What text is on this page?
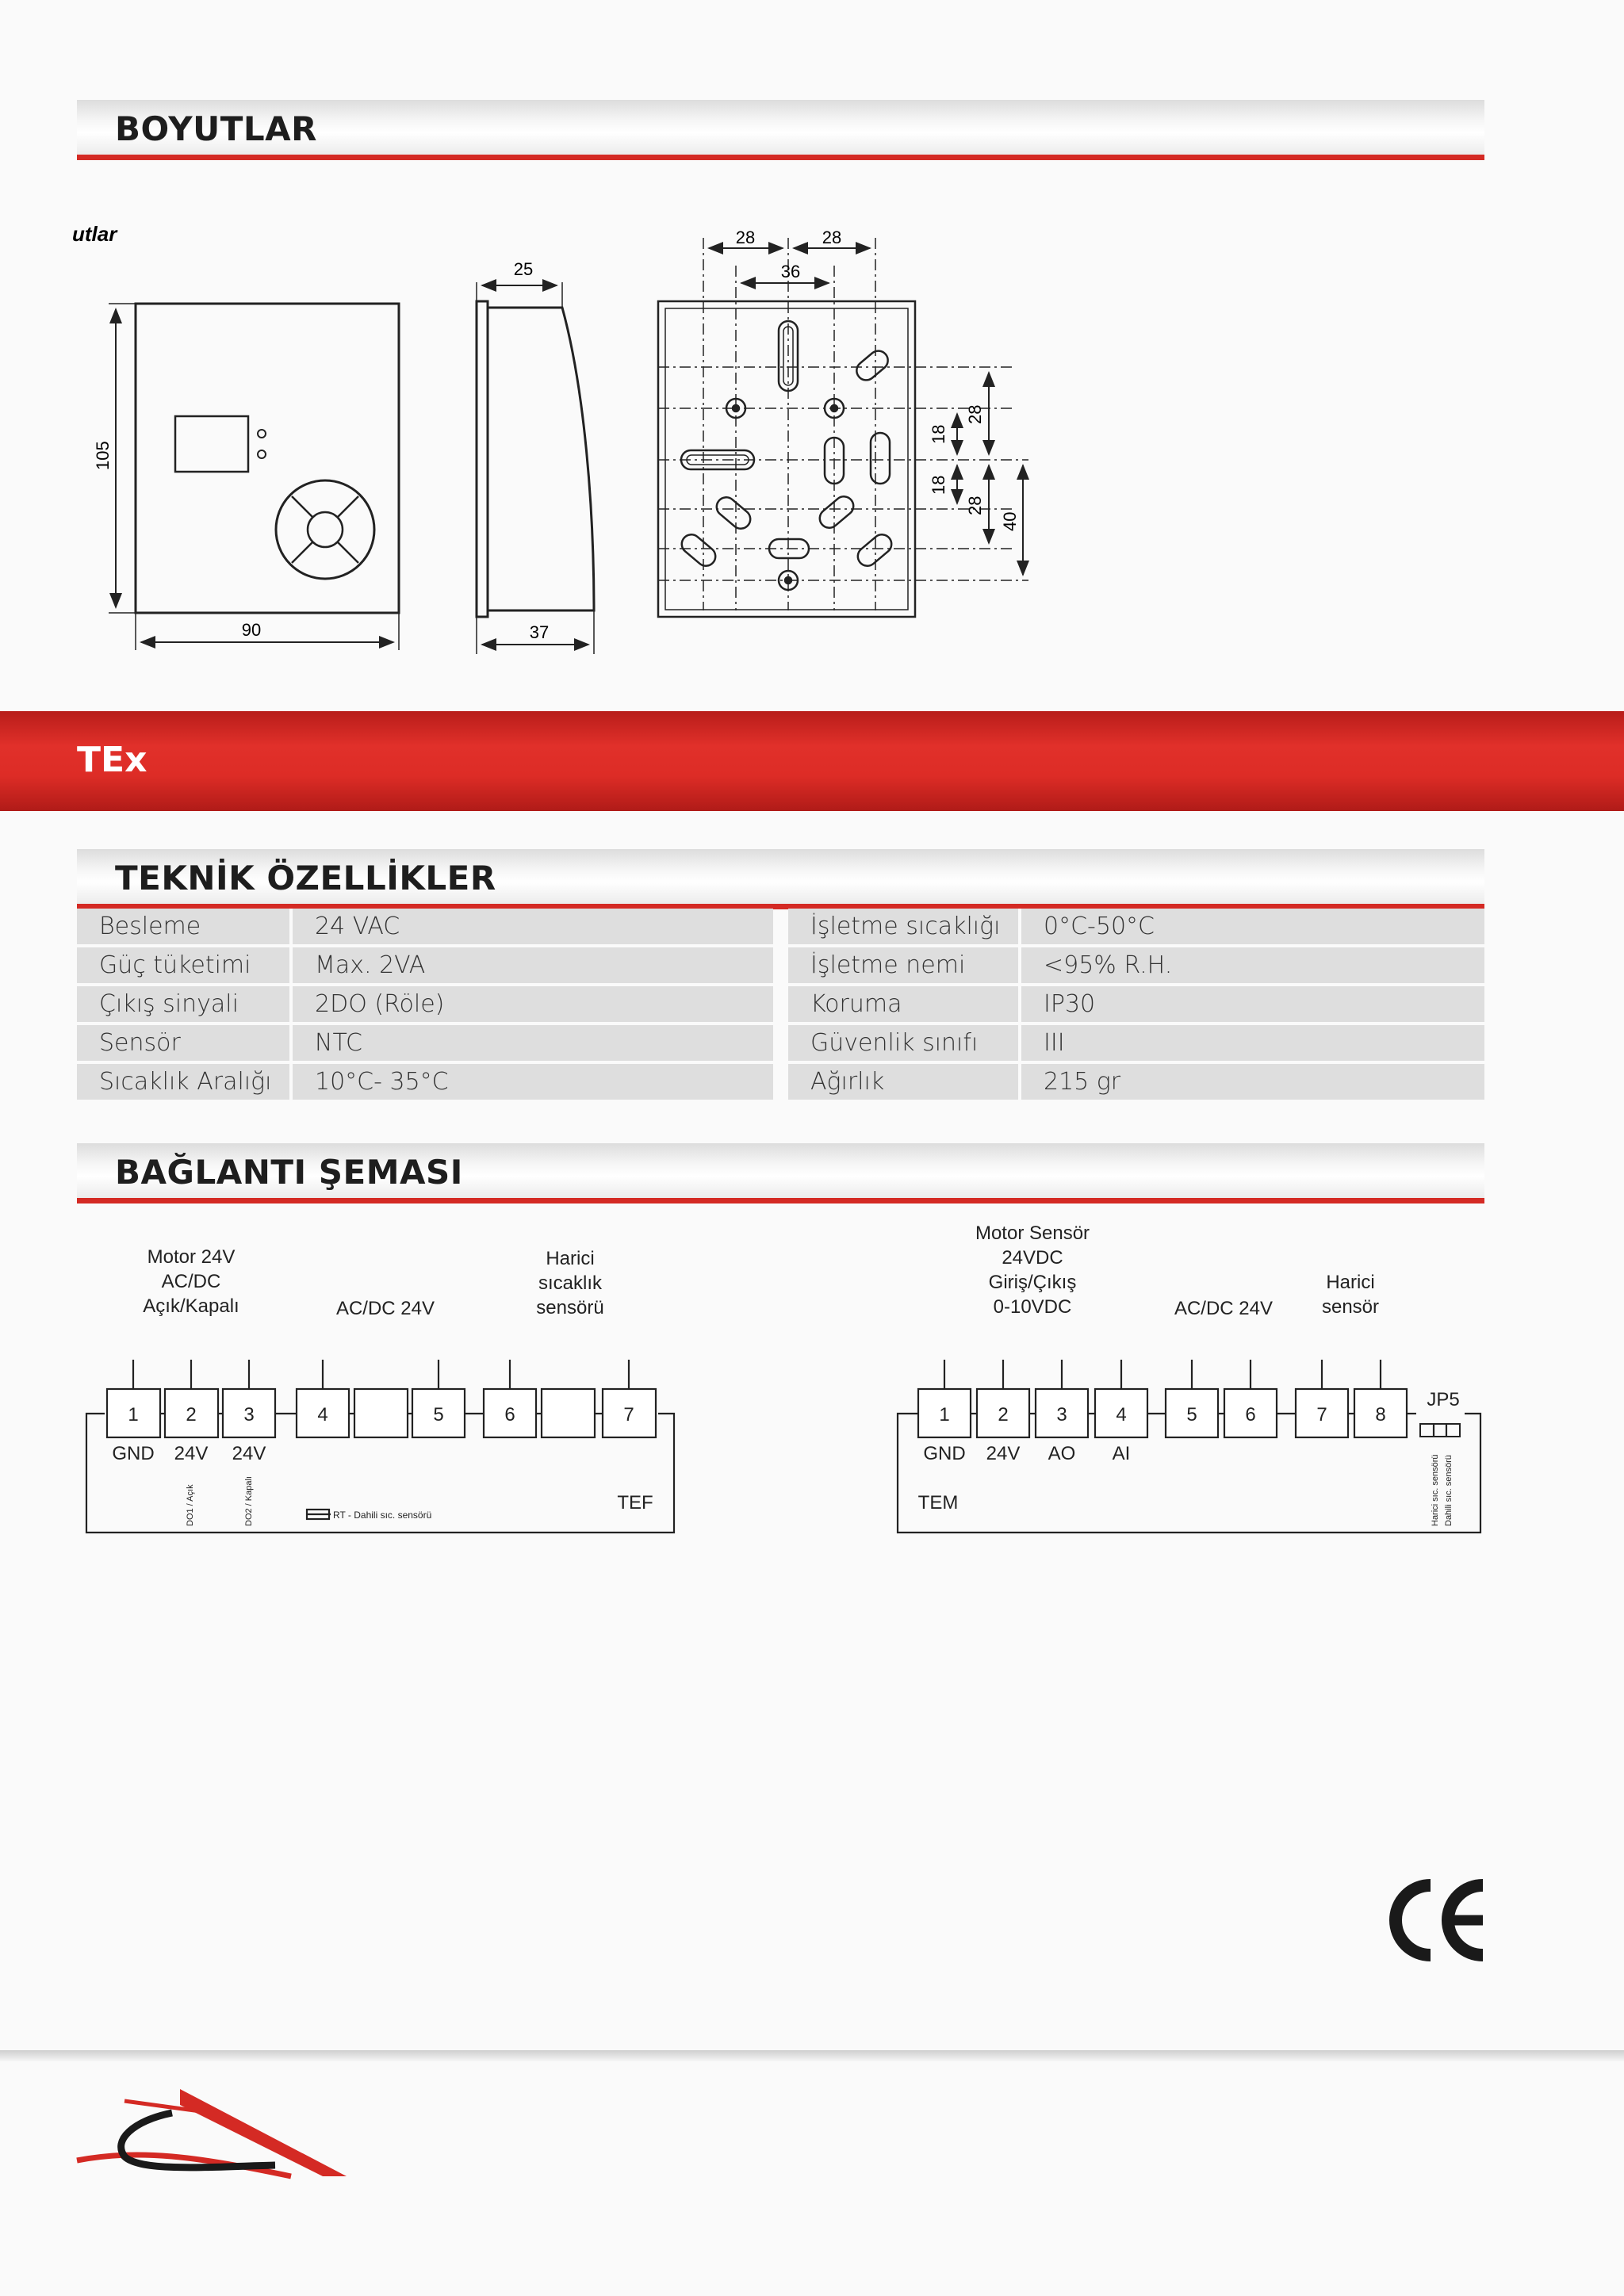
BOYUTLAR
utlar
105
90
25
37
28	28
36
18
18
28
28
40
TEx
TEKNİK ÖZELLİKLER
Besleme	24 VAC
Güç tüketimi	Max. 2VA
Çıkış sinyali	2DO (Röle)
Sensör	NTC
Sıcaklık Aralığı	10°C- 35°C
İşletme sıcaklığı	0°C-50°C
İşletme nemi	<95% R.H.
Koruma	IP30
Güvenlik sınıfı	III
Ağırlık	215 gr
BAĞLANTI ŞEMASI
Motor 24V
AC/DC
Açık/Kapalı	AC/DC 24V
Harici
sıcaklık
sensörü
1 2 3	4	5	6	7
GND 24V 24V
TEF
DO1 / Açık	DO2 / Kapalı	RT - Dahili sıc. sensörü
Motor Sensör
24VDC
Giriş/Çıkış
0-10VDC	AC/DC 24V
Harici
sensör
1	2	3	4	5	6	7	8
GND 24V AO AI
JP5
TEM	Harici sıc. sensörü Dahili sıc. sensörü
